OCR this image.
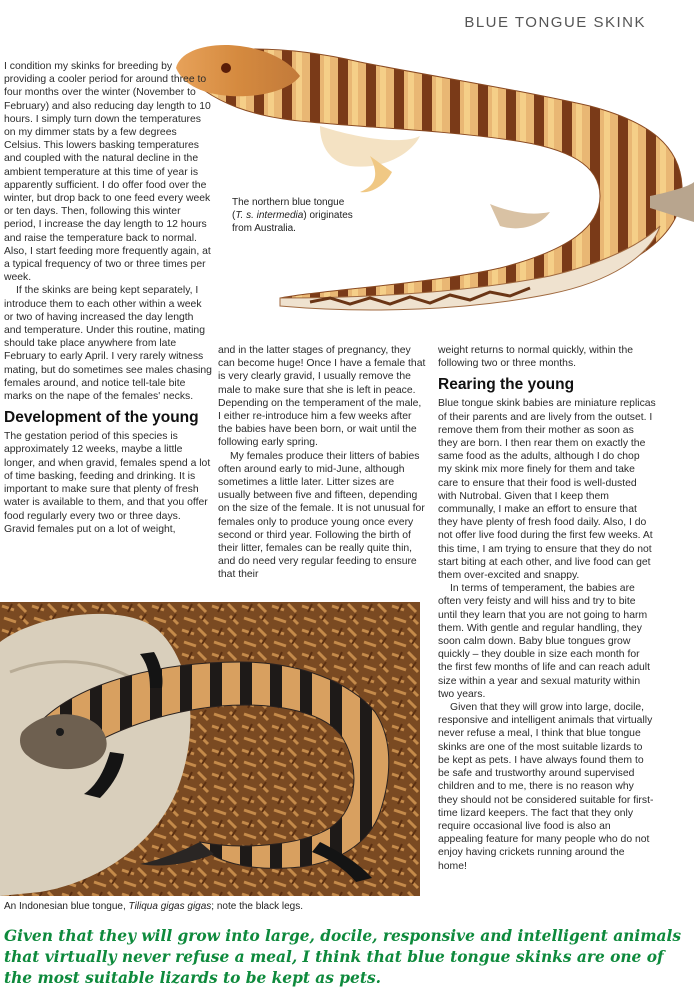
BLUE TONGUE SKINK
The northern blue tongue
(T. s. intermedia) originates
from Australia.

I condition my skinks for breeding by providing a cooler period for around three to four months over the winter (November to February) and also reducing day length to 10 hours. I simply turn down the temperatures on my dimmer stats by a few degrees Celsius. This lowers basking temperatures and coupled with the natural decline in the ambient temperature at this time of year is apparently sufficient. I do offer food over the winter, but drop back to one feed every week or ten days. Then, following this winter period, I increase the day length to 12 hours and raise the temperature back to normal. Also, I start feeding more frequently again, at a typical frequency of two or three times per week.

If the skinks are being kept separately, I introduce them to each other within a week or two of having increased the day length and temperature. Under this routine, mating should take place anywhere from late February to early April. I very rarely witness mating, but do sometimes see males chasing females around, and notice tell-tale bite marks on the nape of the females' necks.

Development of the young

The gestation period of this species is approximately 12 weeks, maybe a little longer, and when gravid, females spend a lot of time basking, feeding and drinking. It is important to make sure that plenty of fresh water is available to them, and that you offer food regularly every two or three days. Gravid females put on a lot of weight,

and in the latter stages of pregnancy, they can become huge! Once I have a female that is very clearly gravid, I usually remove the male to make sure that she is left in peace. Depending on the temperament of the male, I either re-introduce him a few weeks after the babies have been born, or wait until the following early spring.

My females produce their litters of babies often around early to mid-June, although sometimes a little later. Litter sizes are usually between five and fifteen, depending on the size of the female. It is not unusual for females only to produce young once every second or third year. Following the birth of their litter, females can be really quite thin, and do need very regular feeding to ensure that their

weight returns to normal quickly, within the following two or three months.

Rearing the young

Blue tongue skink babies are miniature replicas of their parents and are lively from the outset. I remove them from their mother as soon as they are born. I then rear them on exactly the same food as the adults, although I do chop my skink mix more finely for them and take care to ensure that their food is well-dusted with Nutrobal. Given that I keep them communally, I make an effort to ensure that they have plenty of fresh food daily. Also, I do not offer live food during the first few weeks. At this time, I am trying to ensure that they do not start biting at each other, and live food can get them over-excited and snappy.

In terms of temperament, the babies are often very feisty and will hiss and try to bite until they learn that you are not going to harm them. With gentle and regular handling, they soon calm down. Baby blue tongues grow quickly – they double in size each month for the first few months of life and can reach adult size within a year and sexual maturity within two years.

Given that they will grow into large, docile, responsive and intelligent animals that virtually never refuse a meal, I think that blue tongue skinks are one of the most suitable lizards to be kept as pets. I have always found them to be safe and trustworthy around supervised children and to me, there is no reason why they should not be considered suitable for first-time lizard keepers. The fact that they only require occasional live food is also an appealing feature for many people who do not enjoy having crickets running around the home!

An Indonesian blue tongue, Tiliqua gigas gigas; note the black legs.
Given that they will grow into large, docile, responsive and intelligent animals that virtually never refuse a meal, I think that blue tongue skinks are one of the most suitable lizards to be kept as pets.
